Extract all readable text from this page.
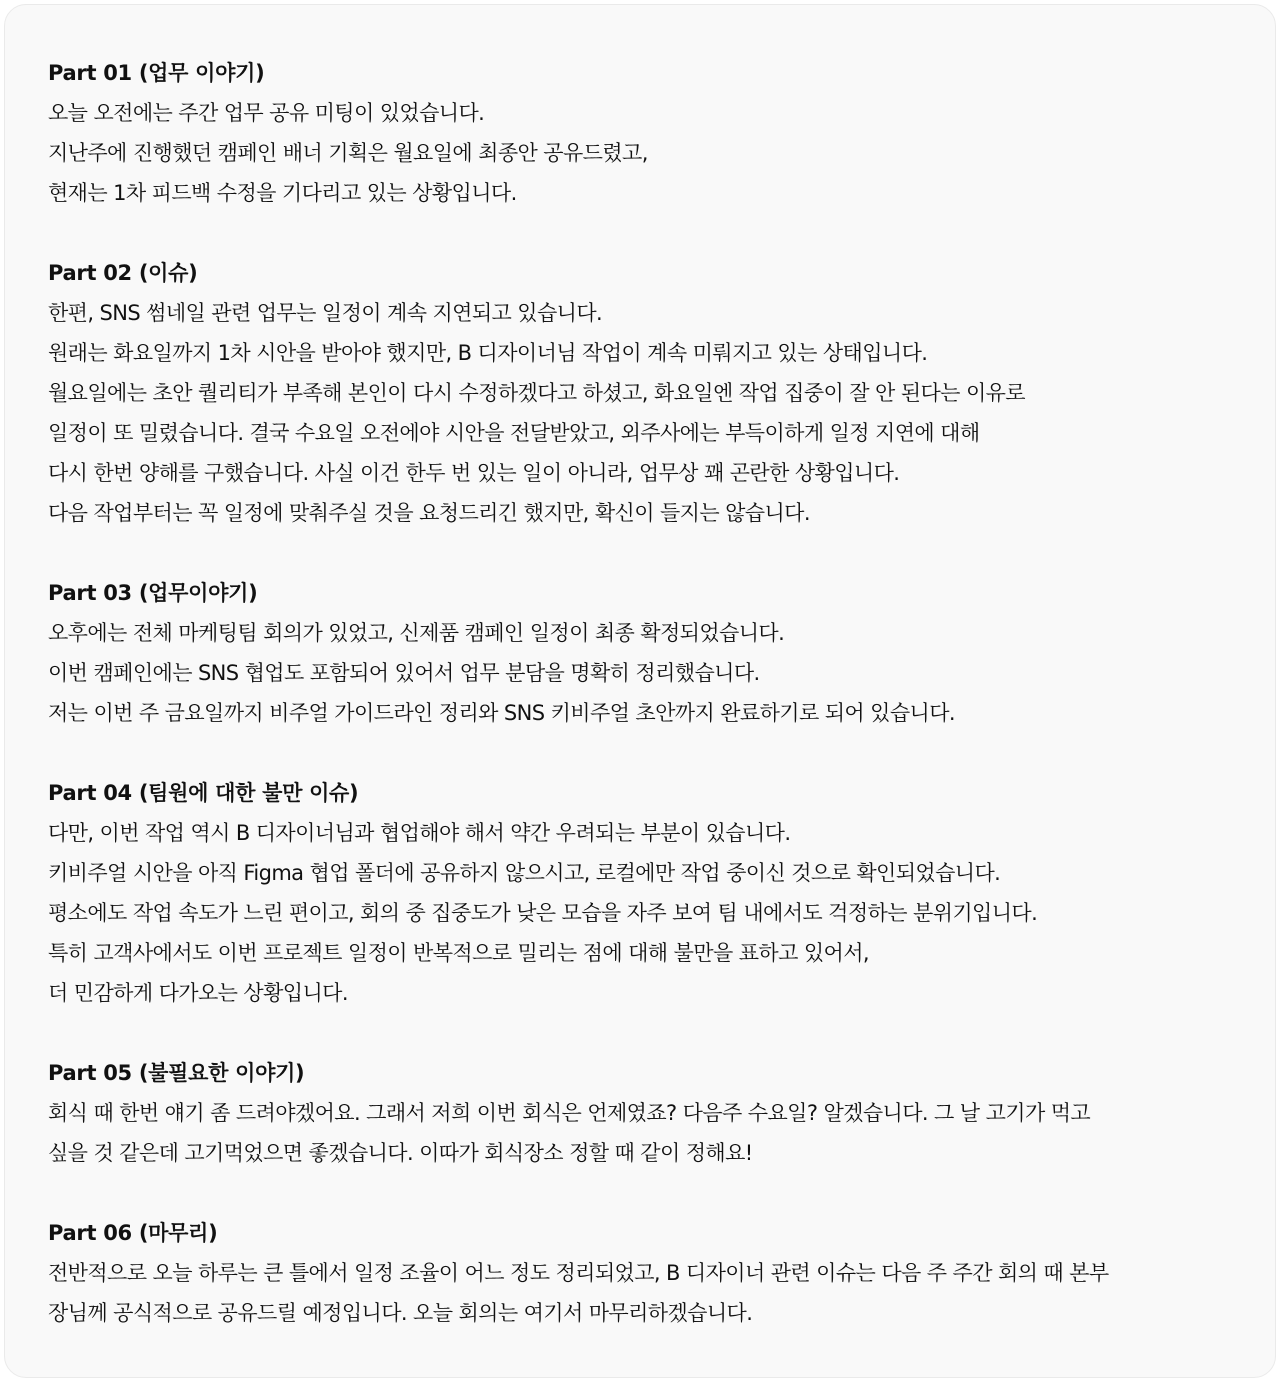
Part 01 (업무 이야기)
오늘 오전에는 주간 업무 공유 미팅이 있었습니다.
지난주에 진행했던 캠페인 배너 기획은 월요일에 최종안 공유드렸고,
현재는 1차 피드백 수정을 기다리고 있는 상황입니다.
Part 02 (이슈)
한편, SNS 썸네일 관련 업무는 일정이 계속 지연되고 있습니다.
원래는 화요일까지 1차 시안을 받아야 했지만, B 디자이너님 작업이 계속 미뤄지고 있는 상태입니다.
월요일에는 초안 퀄리티가 부족해 본인이 다시 수정하겠다고 하셨고, 화요일엔 작업 집중이 잘 안 된다는 이유로
일정이 또 밀렸습니다. 결국 수요일 오전에야 시안을 전달받았고, 외주사에는 부득이하게 일정 지연에 대해
다시 한번 양해를 구했습니다. 사실 이건 한두 번 있는 일이 아니라, 업무상 꽤 곤란한 상황입니다.
다음 작업부터는 꼭 일정에 맞춰주실 것을 요청드리긴 했지만, 확신이 들지는 않습니다.
Part 03 (업무이야기)
오후에는 전체 마케팅팀 회의가 있었고, 신제품 캠페인 일정이 최종 확정되었습니다.
이번 캠페인에는 SNS 협업도 포함되어 있어서 업무 분담을 명확히 정리했습니다.
저는 이번 주 금요일까지 비주얼 가이드라인 정리와 SNS 키비주얼 초안까지 완료하기로 되어 있습니다.
Part 04 (팀원에 대한 불만 이슈)
다만, 이번 작업 역시 B 디자이너님과 협업해야 해서 약간 우려되는 부분이 있습니다.
키비주얼 시안을 아직 Figma 협업 폴더에 공유하지 않으시고, 로컬에만 작업 중이신 것으로 확인되었습니다.
평소에도 작업 속도가 느린 편이고, 회의 중 집중도가 낮은 모습을 자주 보여 팀 내에서도 걱정하는 분위기입니다.
특히 고객사에서도 이번 프로젝트 일정이 반복적으로 밀리는 점에 대해 불만을 표하고 있어서,
더 민감하게 다가오는 상황입니다.
Part 05 (불필요한 이야기)
회식 때 한번 얘기 좀 드려야겠어요. 그래서 저희 이번 회식은 언제였죠? 다음주 수요일? 알겠습니다. 그 날 고기가 먹고
싶을 것 같은데 고기먹었으면 좋겠습니다. 이따가 회식장소 정할 때 같이 정해요!
Part 06 (마무리)
전반적으로 오늘 하루는 큰 틀에서 일정 조율이 어느 정도 정리되었고, B 디자이너 관련 이슈는 다음 주 주간 회의 때 본부
장님께 공식적으로 공유드릴 예정입니다. 오늘 회의는 여기서 마무리하겠습니다.
